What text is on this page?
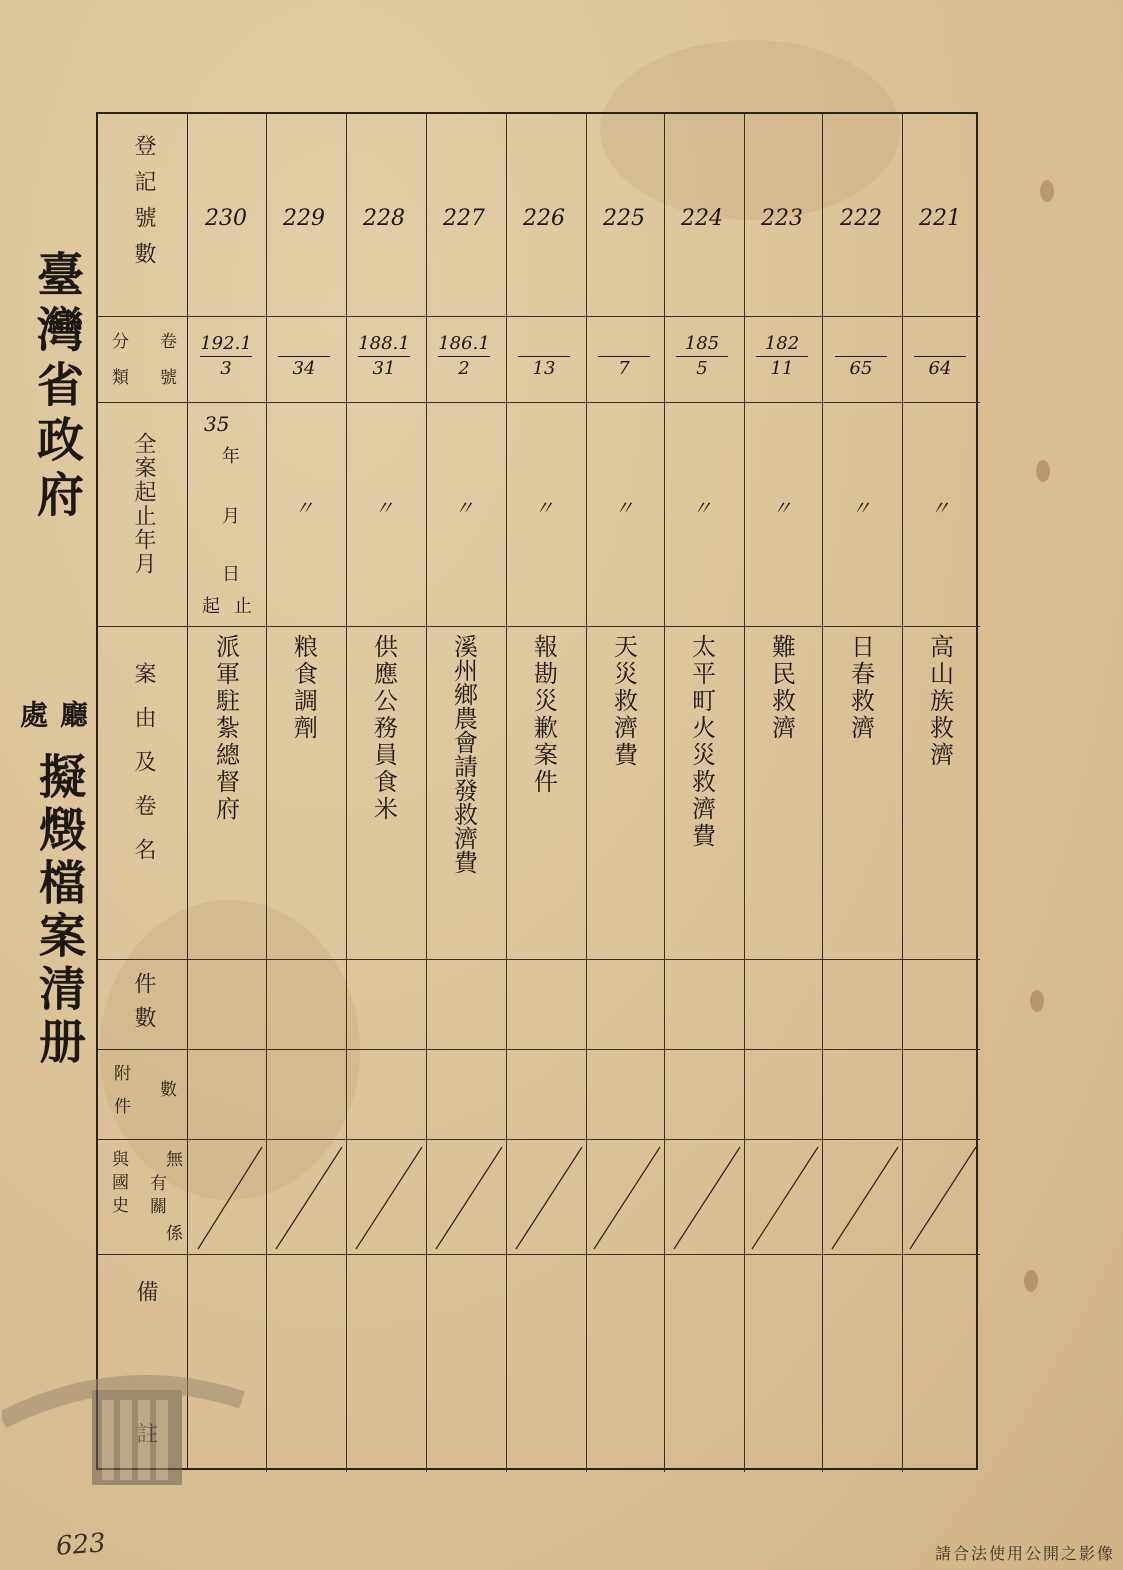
臺灣省政府
廳
處
擬燬檔案清册
登記號數
分 卷
類 號
全案起止年月
案由及卷名
件數
附件 數
與國史 無
有關
係
備
230
192.1
3
派軍駐紮總督府
229
34
〃
粮食調劑
228
188.1
31
〃
供應公務員食米
227
186.1
2
〃
溪州鄉農會請發救濟費
226
13
〃
報勘災歉案件
225
7
〃
天災救濟費
224
185
5
〃
太平町火災救濟費
223
182
11
〃
難民救濟
222
65
〃
日春救濟
221
64
〃
高山族救濟
35
年
月
日
起 止
623	請合法使用公開之影像
